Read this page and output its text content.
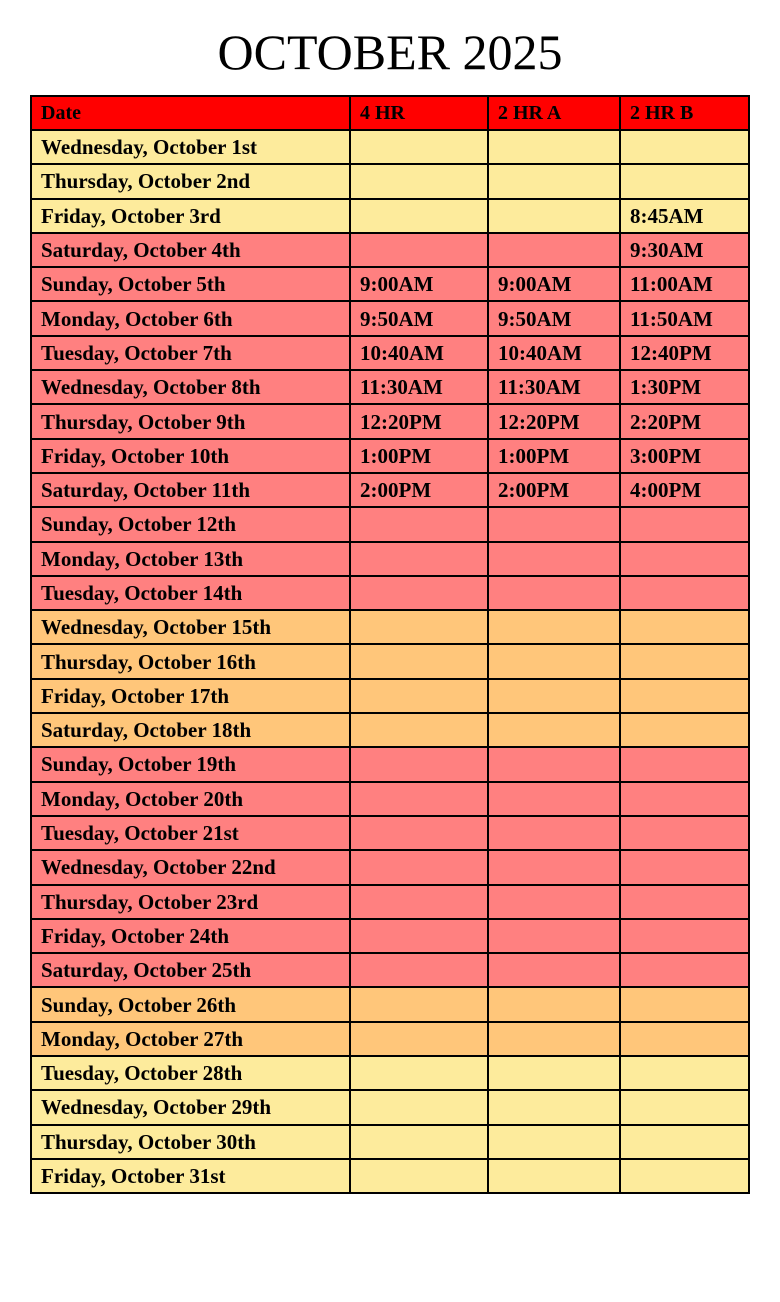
OCTOBER 2025
Date	4 HR	2 HR A	2 HR B
Wednesday, October 1st			
Thursday, October 2nd			
Friday, October 3rd			8:45AM
Saturday, October 4th			9:30AM
Sunday, October 5th	9:00AM	9:00AM	11:00AM
Monday, October 6th	9:50AM	9:50AM	11:50AM
Tuesday, October 7th	10:40AM	10:40AM	12:40PM
Wednesday, October 8th	11:30AM	11:30AM	1:30PM
Thursday, October 9th	12:20PM	12:20PM	2:20PM
Friday, October 10th	1:00PM	1:00PM	3:00PM
Saturday, October 11th	2:00PM	2:00PM	4:00PM
Sunday, October 12th			
Monday, October 13th			
Tuesday, October 14th			
Wednesday, October 15th			
Thursday, October 16th			
Friday, October 17th			
Saturday, October 18th			
Sunday, October 19th			
Monday, October 20th			
Tuesday, October 21st			
Wednesday, October 22nd			
Thursday, October 23rd			
Friday, October 24th			
Saturday, October 25th			
Sunday, October 26th			
Monday, October 27th			
Tuesday, October 28th			
Wednesday, October 29th			
Thursday, October 30th			
Friday, October 31st			
